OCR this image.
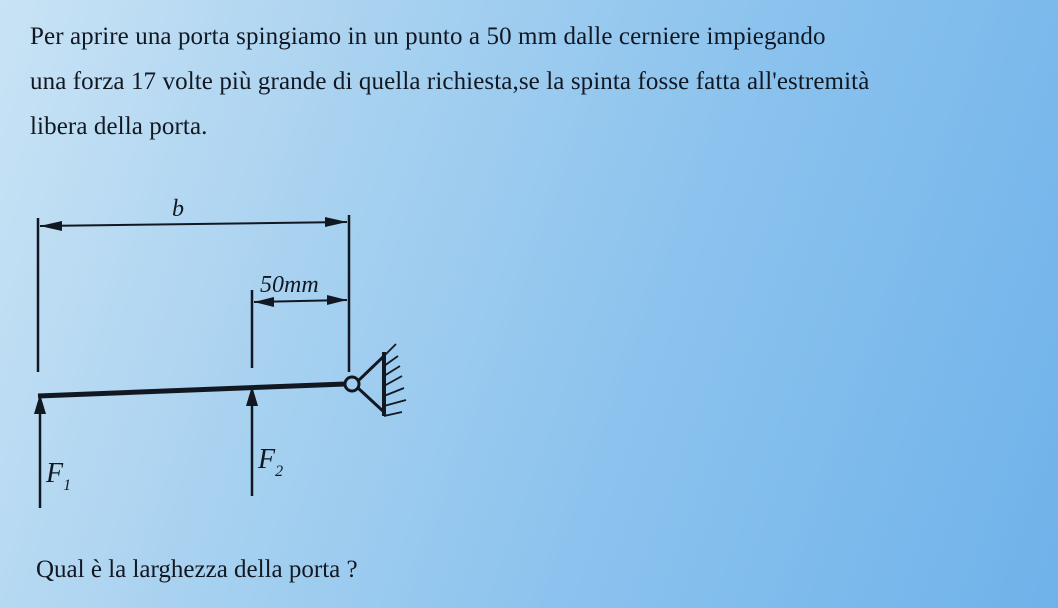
Per aprire una porta spingiamo in un punto a 50 mm dalle cerniere impiegando
una forza 17 volte più grande di quella richiesta,se la spinta fosse fatta all'estremità
libera della porta.

b
50mm
$F_1$
$F_2$

Qual è la larghezza della porta ?
